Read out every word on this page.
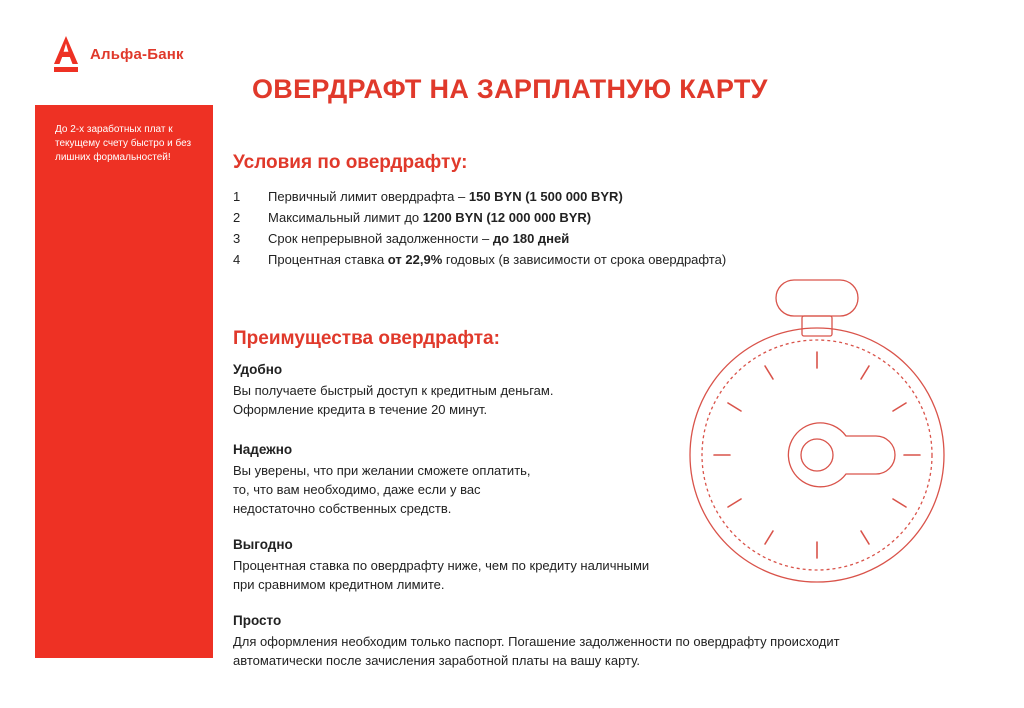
Альфа-Банк
ОВЕРДРАФТ НА ЗАРПЛАТНУЮ КАРТУ

До 2-х заработных плат к текущему счету быстро и без лишних формальностей!	Условия по овердрафту:
1	Первичный лимит овердрафта – 150 BYN (1 500 000 BYR)
2	Максимальный лимит до 1200 BYN (12 000 000 BYR)
3	Срок непрерывной задолженности – до 180 дней
4	Процентная ставка от 22,9% годовых (в зависимости от срока овердрафта)
Преимущества овердрафта:
Удобно
Вы получаете быстрый доступ к кредитным деньгам.
Оформление кредита в течение 20 минут.
Надежно
Вы уверены, что при желании сможете оплатить,
то, что вам необходимо, даже если у вас
недостаточно собственных средств.
Выгодно
Процентная ставка по овердрафту ниже, чем по кредиту наличными
при сравнимом кредитном лимите.
Просто
Для оформления необходим только паспорт. Погашение задолженности по овердрафту происходит
автоматически после зачисления заработной платы на вашу карту.
